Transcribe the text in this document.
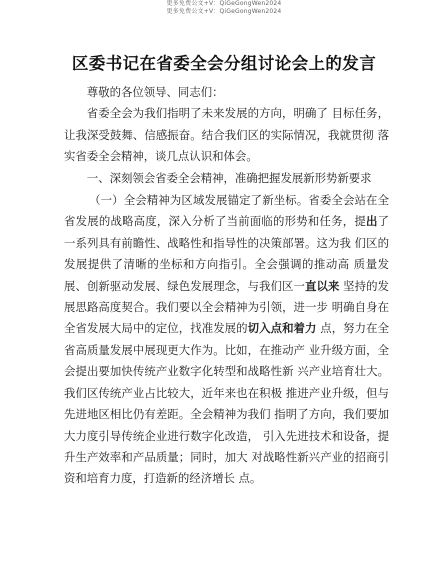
更多免费公文+V：QiGeGongWen2024
更多免费公文+V：QiGeGongWen2024
区委书记在省委全会分组讨论会上的发言

尊敬的各位领导、同志们：

省委全会为我们指明了未来发展的方向，明确了 目标任务， 让我深受鼓舞、信感振奋。结合我们区的实际情况，我就贯彻 落实省委全会精神，谈几点认识和体会。

一、深刻领会省委全会精神，准确把握发展新形势新要求

（一）全会精神为区域发展锚定了新坐标。省委全会站在全省发展的战略高度，深入分析了当前面临的形势和任务，提出了一系列具有前瞻性、战略性和指导性的决策部署。这为我 们区的发展提供了清晰的坐标和方向指引。全会强调的推动高 质量发展、创新驱动发展、绿色发展理念，与我们区一直以来 坚持的发展思路高度契合。我们要以全会精神为引领，进一步 明确自身在全省发展大局中的定位，找准发展的切入点和着力 点，努力在全省高质量发展中展现更大作为。比如，在推动产 业升级方面，全会提出要加快传统产业数字化转型和战略性新 兴产业培育壮大。我们区传统产业占比较大，近年来也在积极 推进产业升级，但与先进地区相比仍有差距。全会精神为我们 指明了方向，我们要加大力度引导传统企业进行数字化改造， 引入先进技术和设备，提升生产效率和产品质量；同时，加大 对战略性新兴产业的招商引资和培育力度，打造新的经济增长 点。
